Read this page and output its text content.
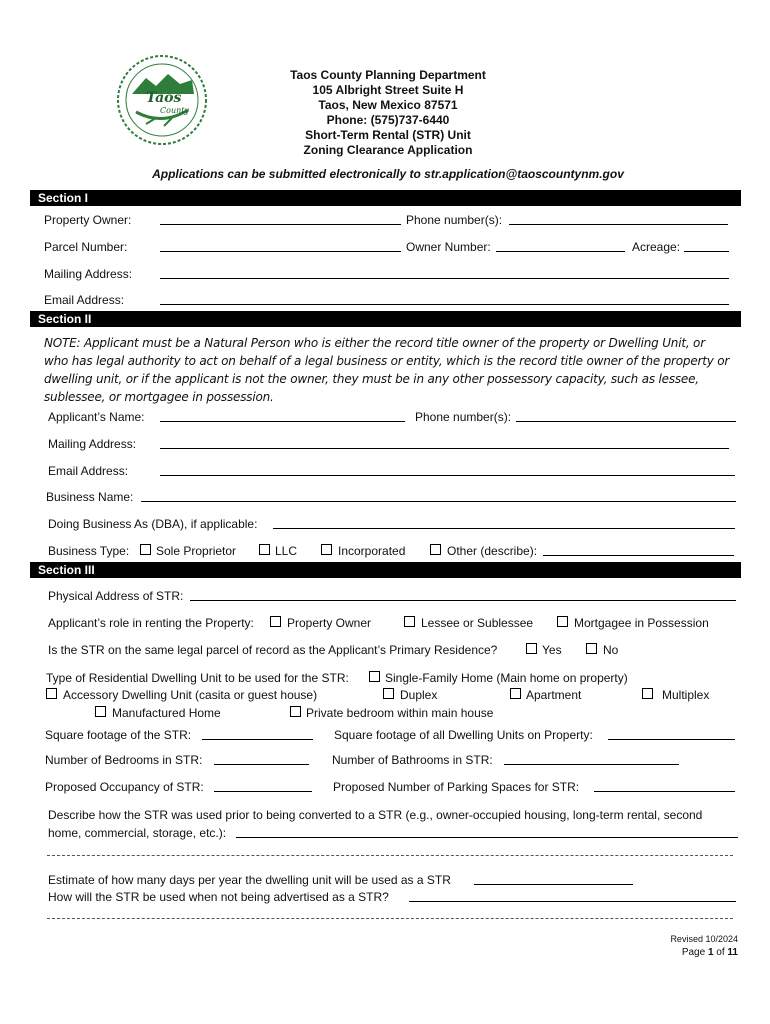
Taos
County
Taos County Planning Department
105 Albright Street Suite H
Taos, New Mexico 87571
Phone: (575)737-6440
Short-Term Rental (STR) Unit
Zoning Clearance Application
Applications can be submitted electronically to str.application@taoscountynm.gov
Section I
Property Owner:	Phone number(s):
Parcel Number:	Owner Number:	Acreage:
Mailing Address:
Email Address:
Section II
NOTE: Applicant must be a Natural Person who is either the record title owner of the property or Dwelling Unit, or who has legal authority to act on behalf of a legal business or entity, which is the record title owner of the property or dwelling unit, or if the applicant is not the owner, they must be in any other possessory capacity, such as lessee, sublessee, or mortgagee in possession.
Applicant’s Name:	Phone number(s):
Mailing Address:
Email Address:
Business Name:
Doing Business As (DBA), if applicable:
Business Type: Sole Proprietor	LLC	Incorporated	Other (describe):
Section III
Physical Address of STR:
Applicant’s role in renting the Property:	Property Owner	Lessee or Sublessee	Mortgagee in Possession
Is the STR on the same legal parcel of record as the Applicant’s Primary Residence?	Yes	No
Type of Residential Dwelling Unit to be used for the STR:	Single-Family Home (Main home on property)
Accessory Dwelling Unit (casita or guest house)	Duplex	Apartment	Multiplex
Manufactured Home	Private bedroom within main house
Square footage of the STR:	Square footage of all Dwelling Units on Property:
Number of Bedrooms in STR:	Number of Bathrooms in STR:
Proposed Occupancy of STR:	Proposed Number of Parking Spaces for STR:
Describe how the STR was used prior to being converted to a STR (e.g., owner-occupied housing, long-term rental, second
home, commercial, storage, etc.):
Estimate of how many days per year the dwelling unit will be used as a STR
How will the STR be used when not being advertised as a STR?
Revised 10/2024
Page 1 of 11
